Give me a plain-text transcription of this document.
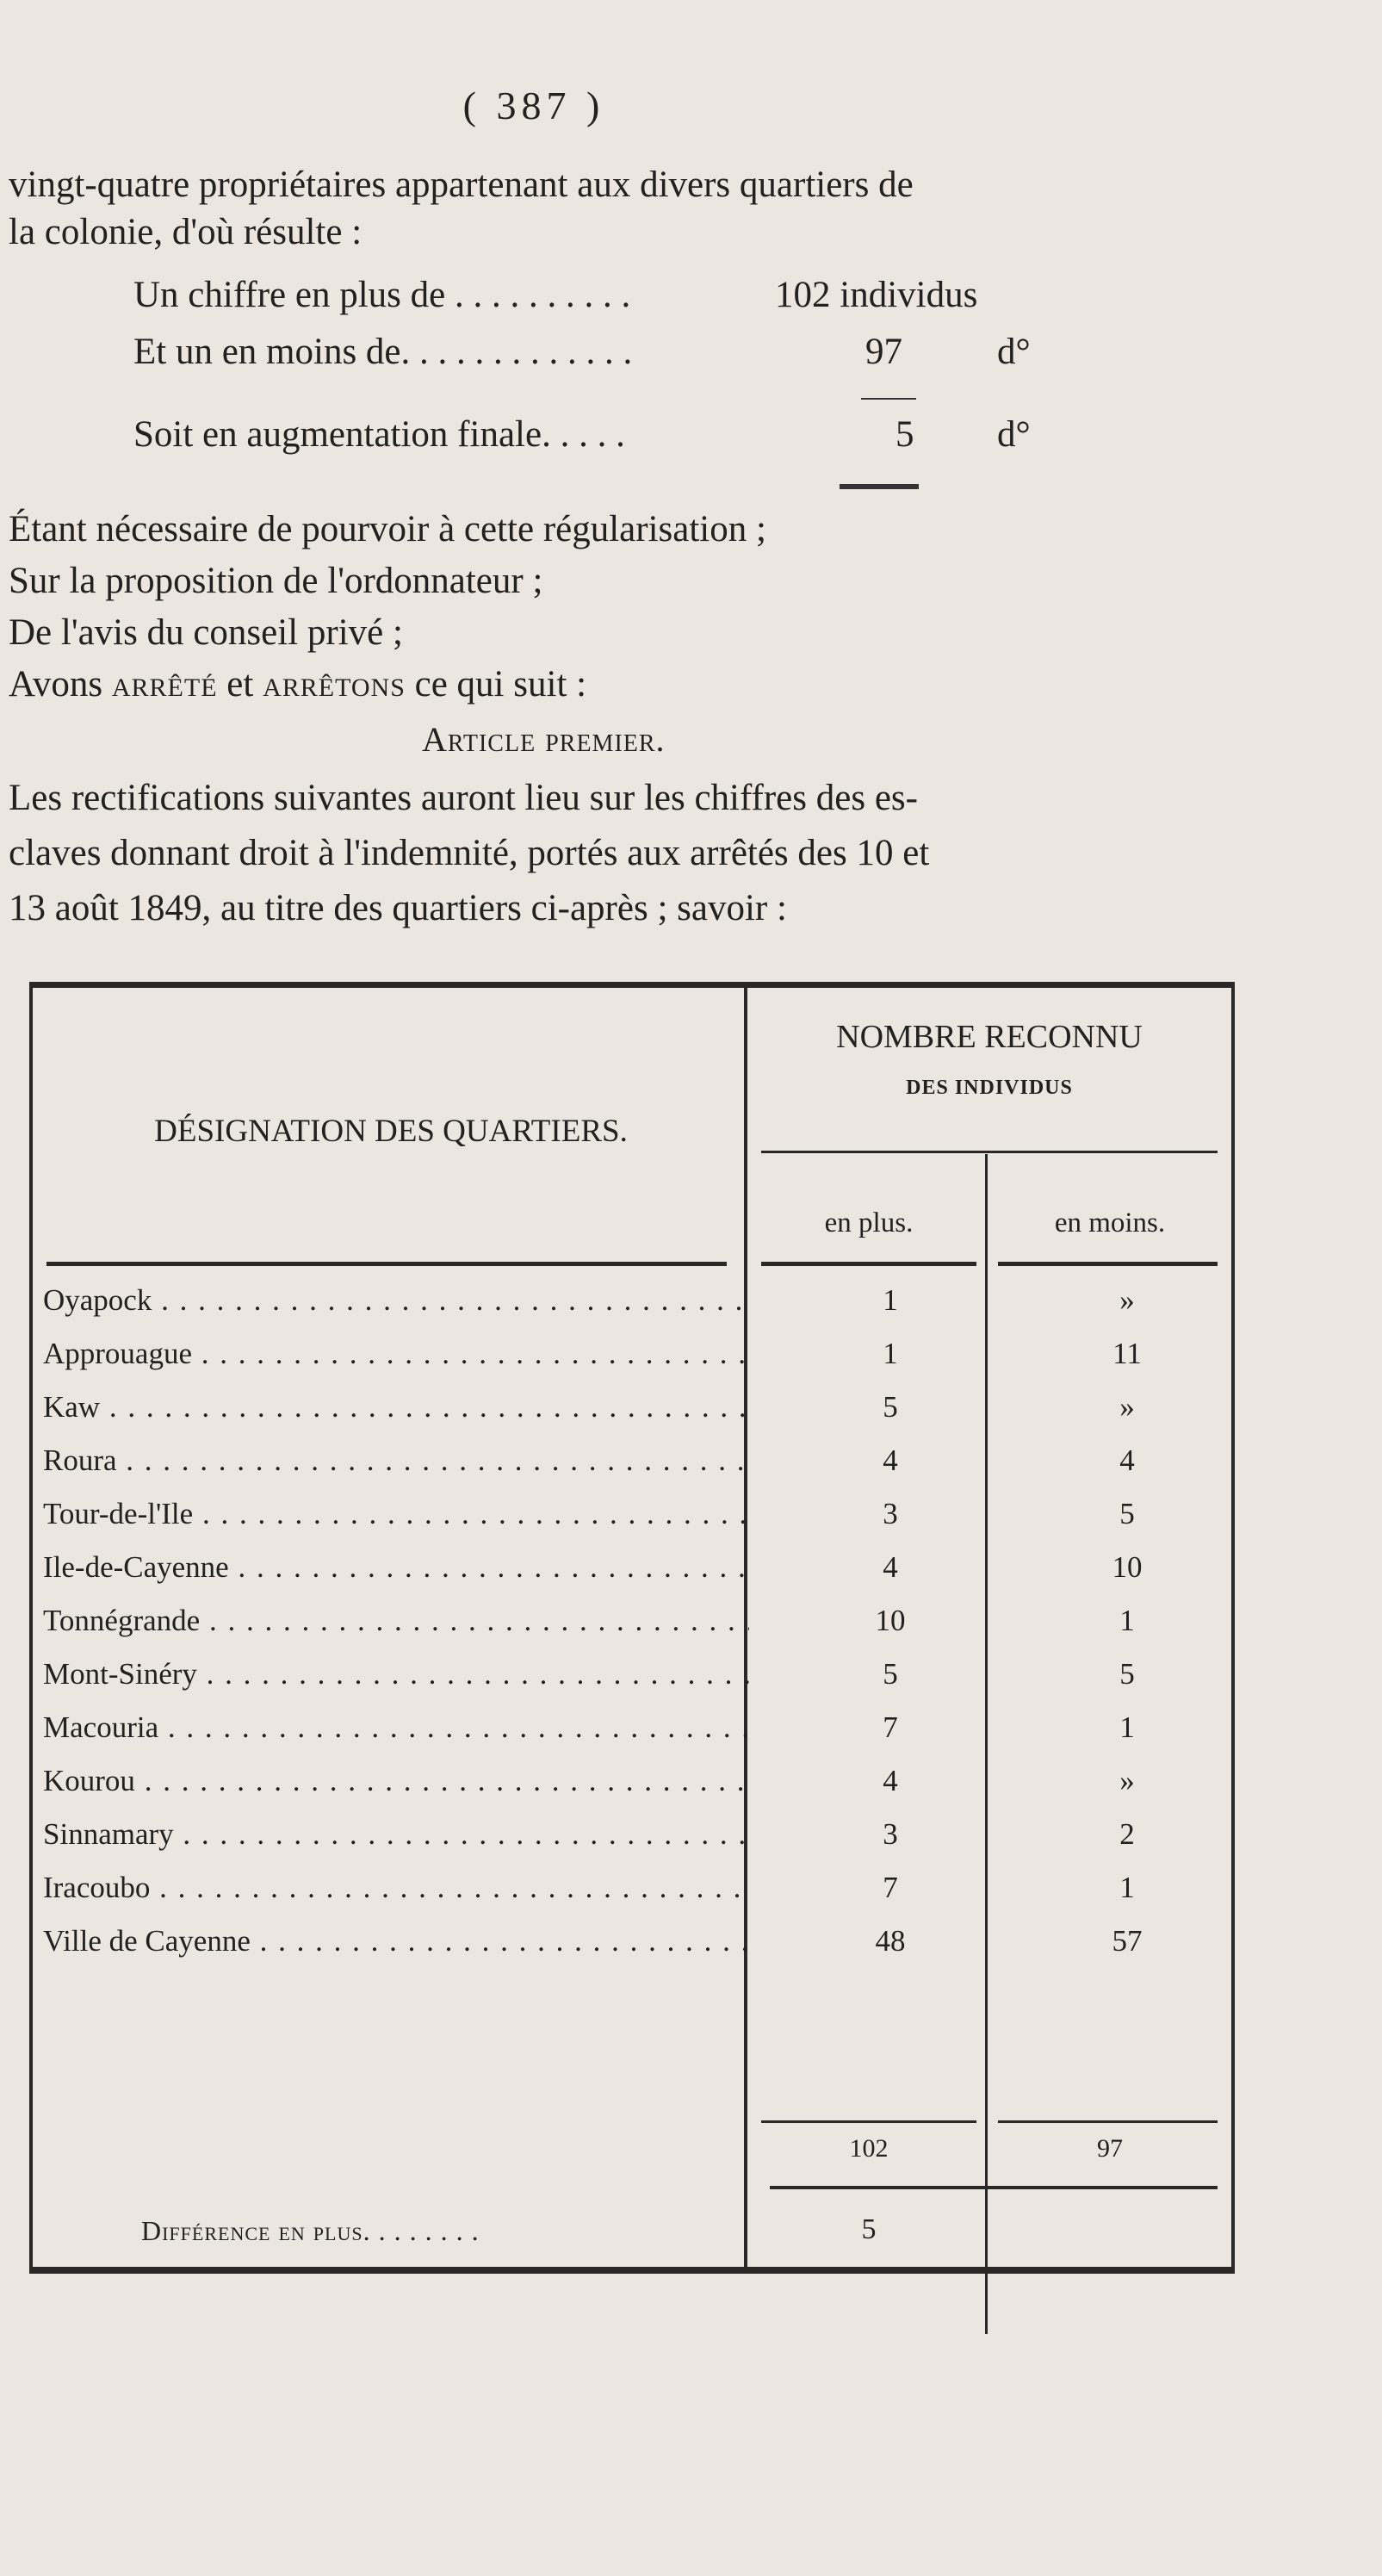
( 387 )
vingt-quatre propriétaires appartenant aux divers quartiers de
la colonie, d'où résulte :
Un chiffre en plus de . . . . . . . . . .	102 individus
Et un en moins de. . . . . . . . . . . . .	97	d°
Soit en augmentation finale. . . . .	5 d°
Étant nécessaire de pourvoir à cette régularisation ;
Sur la proposition de l'ordonnateur ;
De l'avis du conseil privé ;
Avons arrêté et arrêtons ce qui suit :
Article premier.
Les rectifications suivantes auront lieu sur les chiffres des es-
claves donnant droit à l'indemnité, portés aux arrêtés des 10 et
13 août 1849, au titre des quartiers ci-après ; savoir :
DÉSIGNATION DES QUARTIERS.
NOMBRE RECONNU
DES INDIVIDUS
en plus.	en moins.
Oyapock . . .	1	»
Approuague . . .	1	11
Kaw . . .	5	»
Roura . . .	4	4
Tour-de-l'Ile . . .	3	5
Ile-de-Cayenne . . .	4	10
Tonnégrande . . .	10	1
Mont-Sinéry . . .	5	5
Macouria . . .	7	1
Kourou . . .	4	»
Sinnamary . . .	3	2
Iracoubo . . .	7	1
Ville de Cayenne . . .	48	57
102	97
Différence en plus. . . . . . . .	5
